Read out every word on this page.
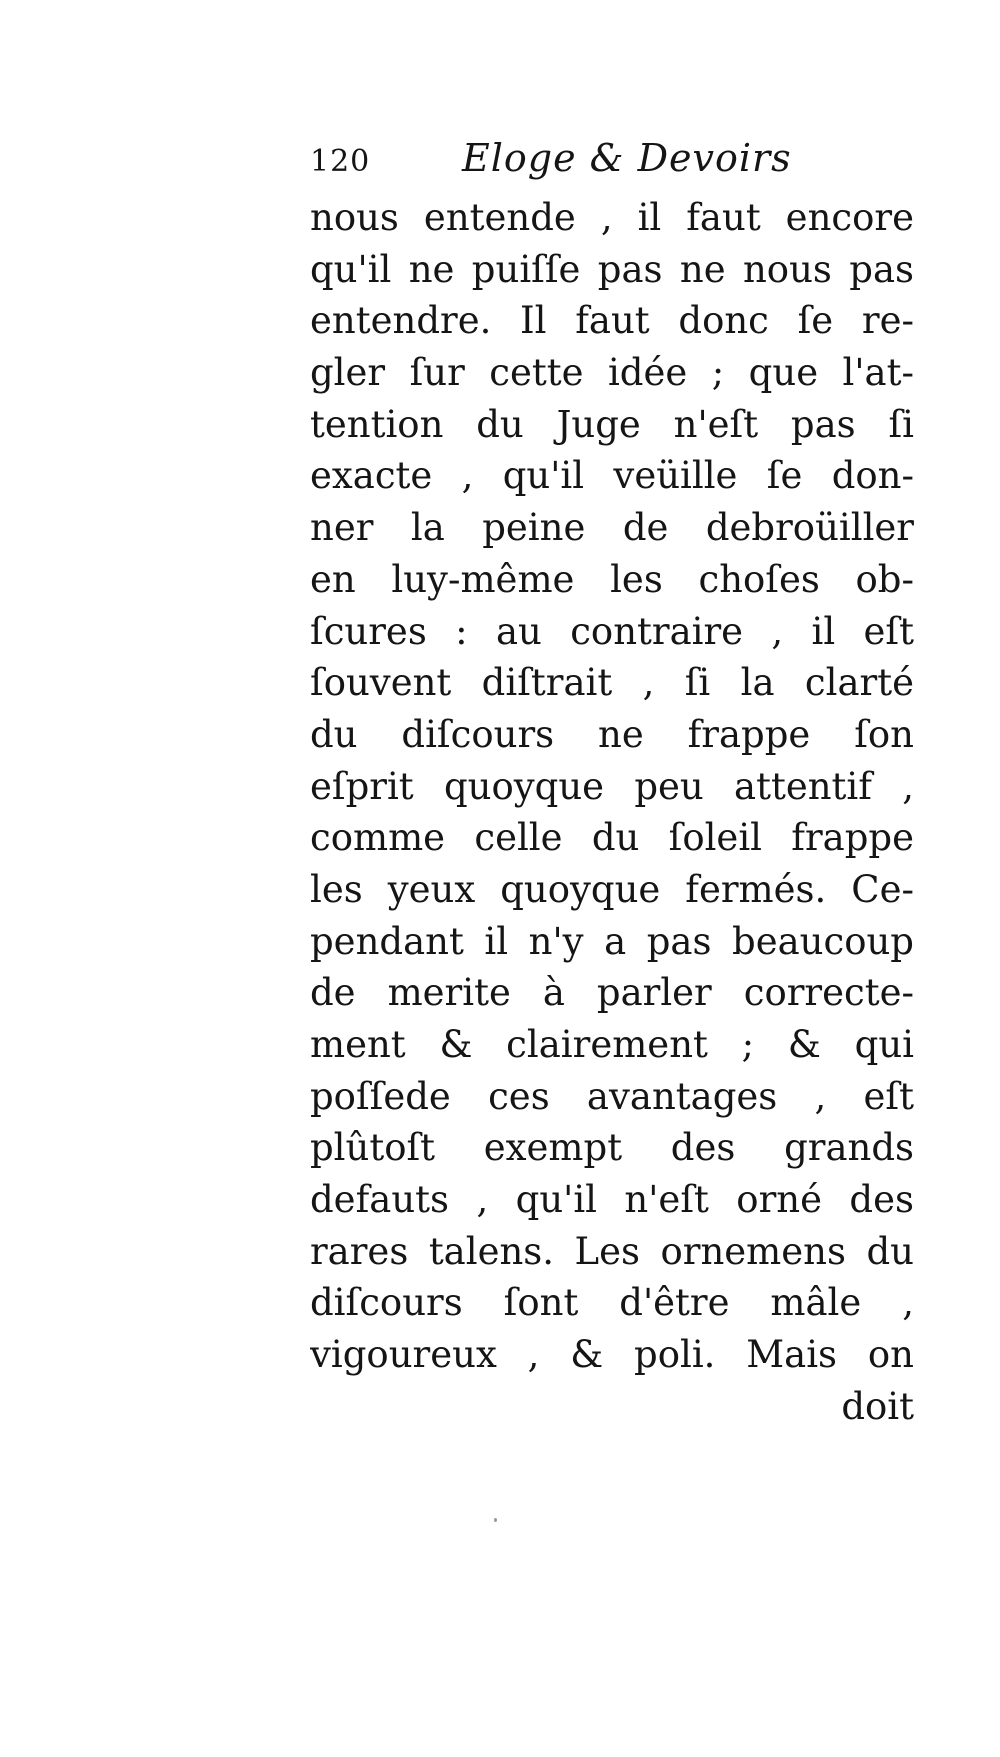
120 Eloge & Devoirs
nous entende , il faut encore
qu'il ne puiſſe pas ne nous pas
entendre. Il faut donc ſe re-
gler ſur cette idée ; que l'at-
tention du Juge n'eſt pas ſi
exacte , qu'il veüille ſe don-
ner la peine de debroüiller
en luy-même les choſes ob-
ſcures : au contraire , il eſt
ſouvent diſtrait , ſi la clarté
du diſcours ne frappe ſon
eſprit quoyque peu attentif ,
comme celle du ſoleil frappe
les yeux quoyque fermés. Ce-
pendant il n'y a pas beaucoup
de merite à parler correcte-
ment & clairement ; & qui
poſſede ces avantages , eſt
plûtoſt exempt des grands
defauts , qu'il n'eſt orné des
rares talens. Les ornemens du
diſcours ſont d'être mâle ,
vigoureux , & poli. Mais on
doit
